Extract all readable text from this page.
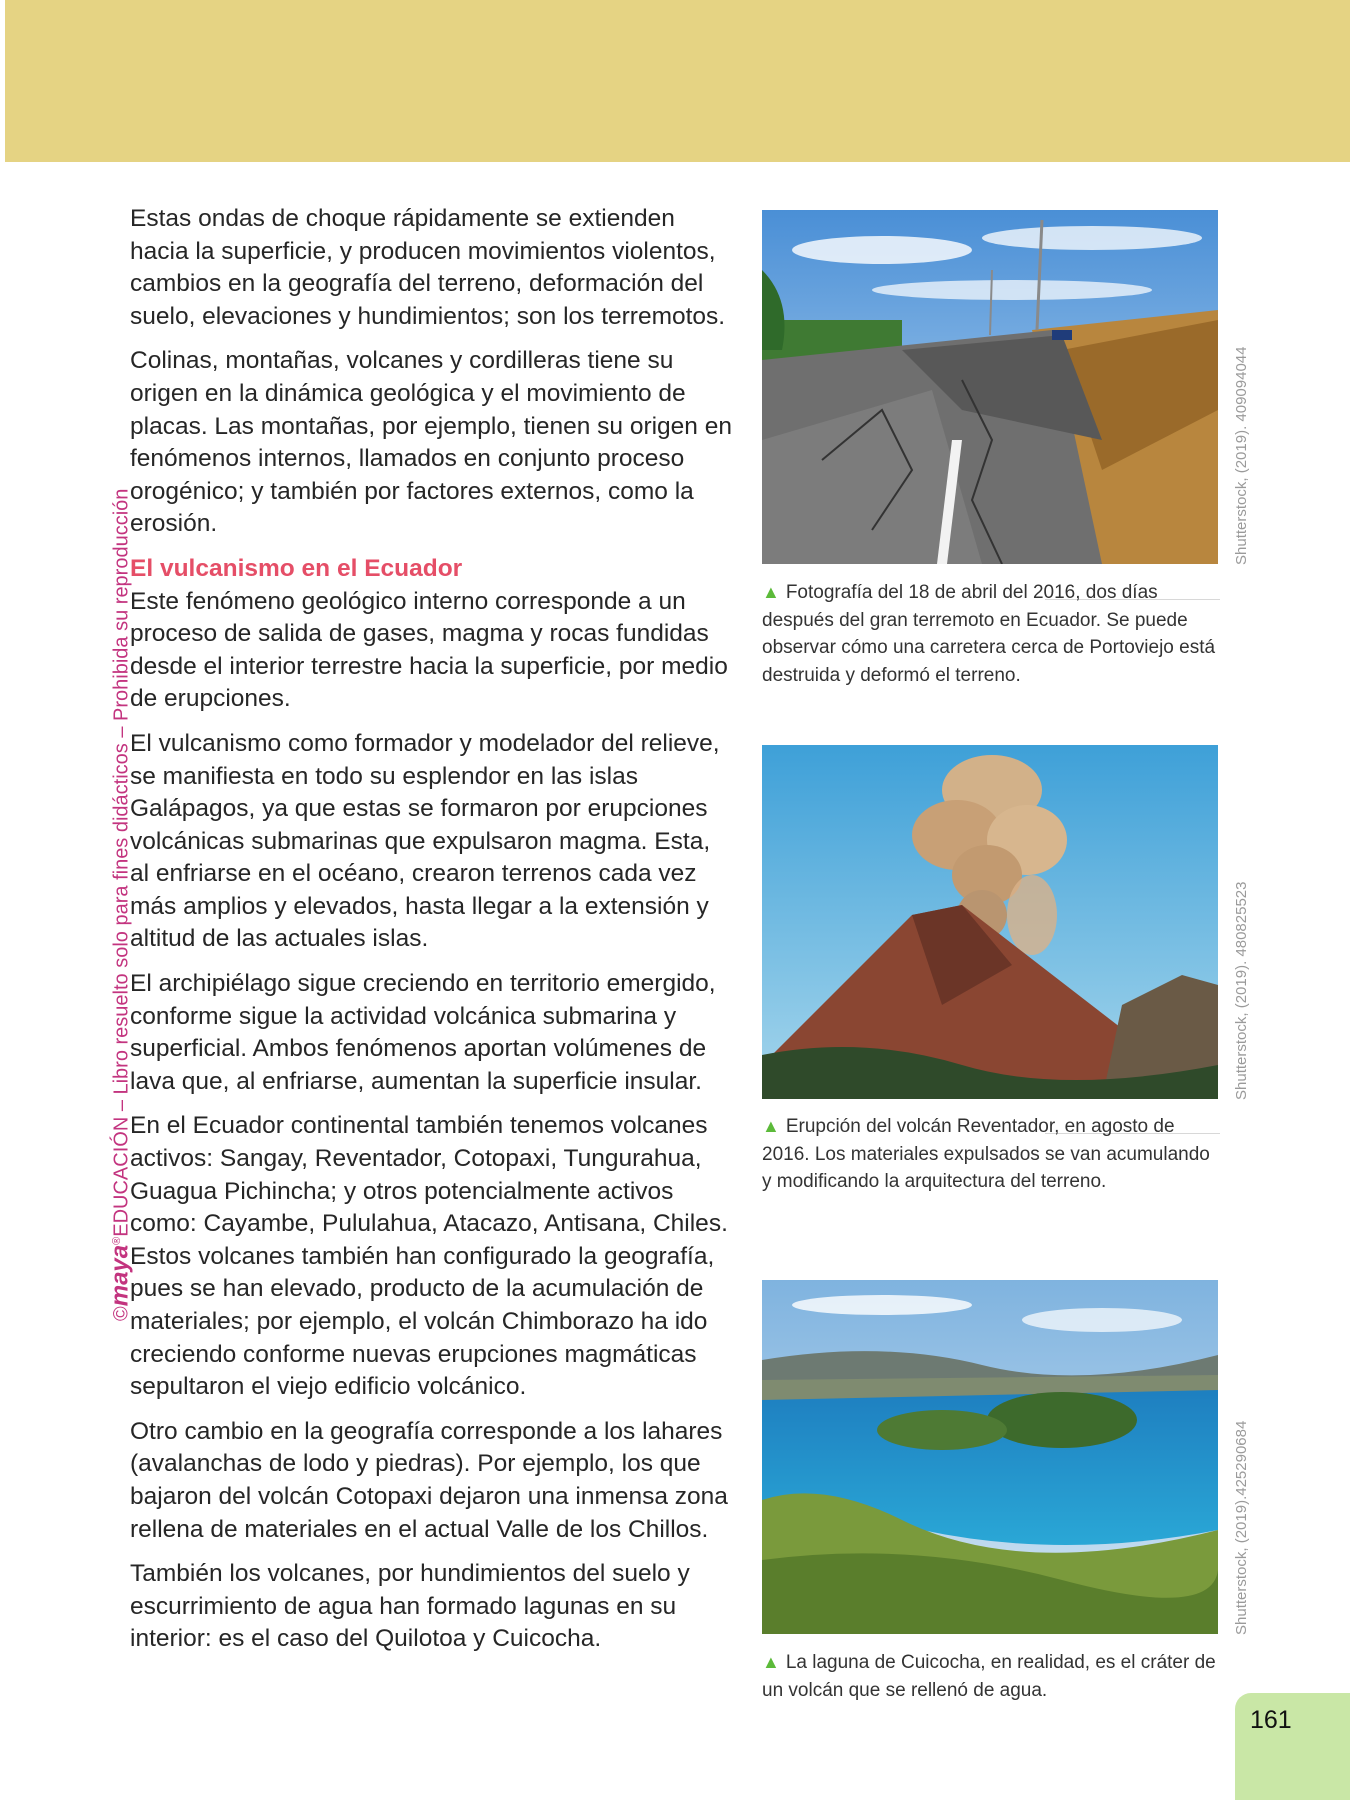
©maya®EDUCACIÓN – Libro resuelto solo para fines didácticos – Prohibida su reproducción

Estas ondas de choque rápidamente se extienden hacia la superficie, y producen movimientos violentos, cambios en la geografía del terreno, deformación del suelo, elevaciones y hundimientos; son los terremotos.

Colinas, montañas, volcanes y cordilleras tiene su origen en la dinámica geológica y el movimiento de placas. Las montañas, por ejemplo, tienen su origen en fenómenos internos, llamados en conjunto proceso orogénico; y también por factores externos, como la erosión.

El vulcanismo en el Ecuador

Este fenómeno geológico interno corresponde a un proceso de salida de gases, magma y rocas fundidas desde el interior terrestre hacia la superficie, por medio de erupciones.

El vulcanismo como formador y modelador del relieve, se manifiesta en todo su esplendor en las islas Galápagos, ya que estas se formaron por erupciones volcánicas submarinas que expulsaron magma. Esta, al enfriarse en el océano, crearon terrenos cada vez más amplios y elevados, hasta llegar a la extensión y altitud de las actuales islas.

El archipiélago sigue creciendo en territorio emergido, conforme sigue la actividad volcánica submarina y superficial. Ambos fenómenos aportan volúmenes de lava que, al enfriarse, aumentan la superficie insular.

En el Ecuador continental también tenemos volcanes activos: Sangay, Reventador, Cotopaxi, Tungurahua, Guagua Pichincha; y otros potencialmente activos como: Cayambe, Pululahua, Atacazo, Antisana, Chiles. Estos volcanes también han configurado la geografía, pues se han elevado, producto de la acumulación de materiales; por ejemplo, el volcán Chimborazo ha ido creciendo conforme nuevas erupciones magmáticas sepultaron el viejo edificio volcánico.

Otro cambio en la geografía corresponde a los lahares (avalanchas de lodo y piedras). Por ejemplo, los que bajaron del volcán Cotopaxi dejaron una inmensa zona rellena de materiales en el actual Valle de los Chillos.

También los volcanes, por hundimientos del suelo y escurrimiento de agua han formado lagunas en su interior: es el caso del Quilotoa y Cuicocha.

Shutterstock, (2019). 409094044
▲ Fotografía del 18 de abril del 2016, dos días después del gran terremoto en Ecuador. Se puede observar cómo una carretera cerca de Portoviejo está destruida y deformó el terreno.
Shutterstock, (2019). 480825523
▲ Erupción del volcán Reventador, en agosto de 2016. Los materiales expulsados se van acumulando y modificando la arquitectura del terreno.
Shutterstock, (2019).425290684
▲ La laguna de Cuicocha, en realidad, es el cráter de un volcán que se rellenó de agua.
161
